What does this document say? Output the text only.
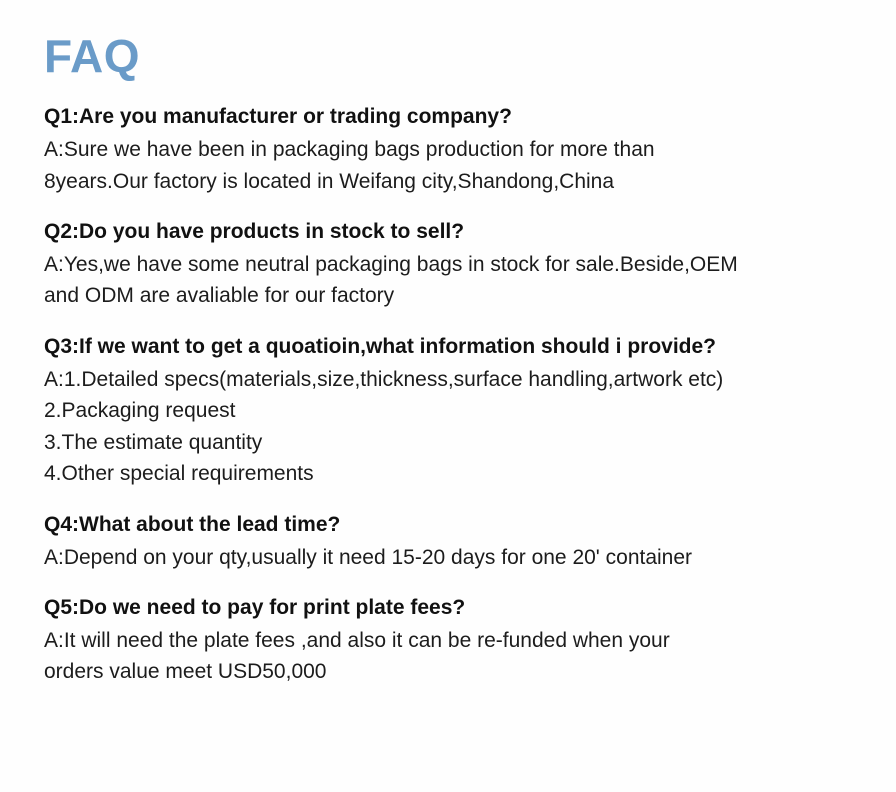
FAQ
Q1:Are you manufacturer or trading company?
A:Sure we have been in packaging bags production for more than
8years.Our factory is located in Weifang city,Shandong,China
Q2:Do you have products in stock to sell?
A:Yes,we have some neutral packaging bags in stock for sale.Beside,OEM
and ODM are avaliable for our factory
Q3:If we want to get a quoatioin,what information should i provide?
A:1.Detailed specs(materials,size,thickness,surface handling,artwork etc)
2.Packaging request
3.The estimate quantity
4.Other special requirements
Q4:What about the lead time?
A:Depend on your qty,usually it need 15-20 days for one 20' container
Q5:Do we need to pay for print plate fees?
A:It will need the plate fees ,and also it can be re-funded when your
orders value meet USD50,000
